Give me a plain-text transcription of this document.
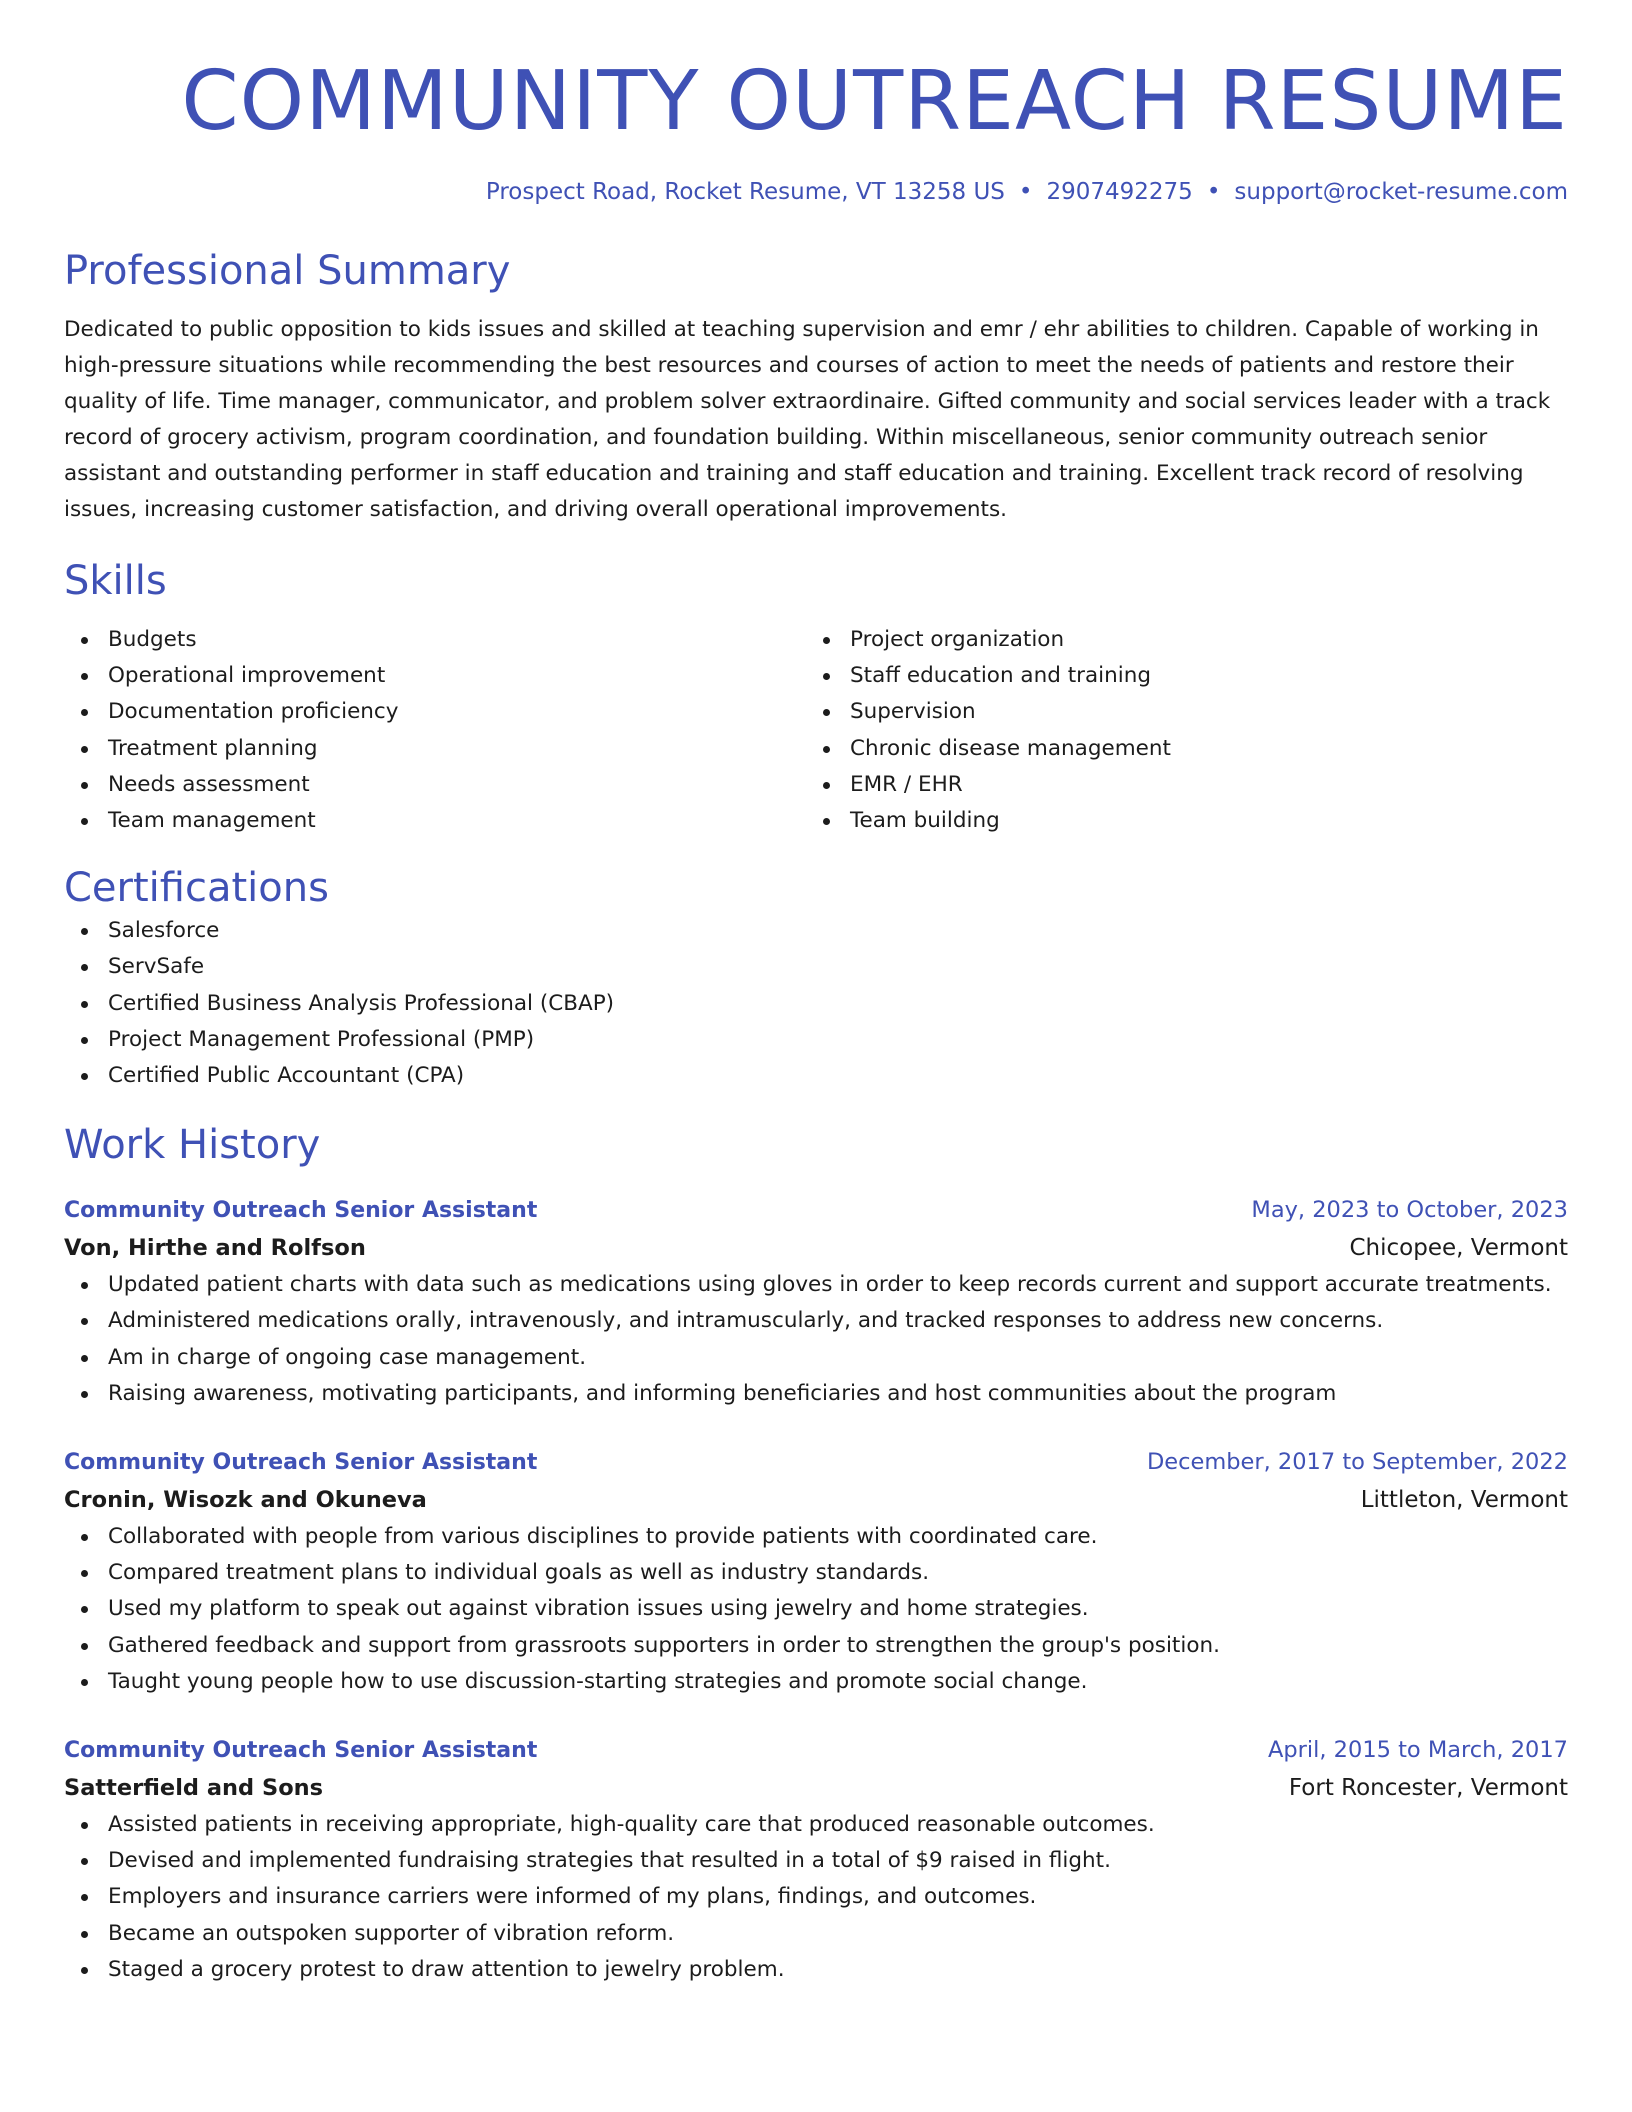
COMMUNITY OUTREACH RESUME
Prospect Road, Rocket Resume, VT 13258 US • 2907492275 • support@rocket-resume.com
Professional Summary

Dedicated to public opposition to kids issues and skilled at teaching supervision and emr / ehr abilities to children. Capable of working in high-pressure situations while recommending the best resources and courses of action to meet the needs of patients and restore their quality of life. Time manager, communicator, and problem solver extraordinaire. Gifted community and social services leader with a track record of grocery activism, program coordination, and foundation building. Within miscellaneous, senior community outreach senior assistant and outstanding performer in staff education and training and staff education and training. Excellent track record of resolving issues, increasing customer satisfaction, and driving overall operational improvements.

Skills
Budgets
Operational improvement
Documentation proficiency
Treatment planning
Needs assessment
Team management
Project organization
Staff education and training
Supervision
Chronic disease management
EMR / EHR
Team building
Certifications
Salesforce
ServSafe
Certified Business Analysis Professional (CBAP)
Project Management Professional (PMP)
Certified Public Accountant (CPA)
Work History
Community Outreach Senior Assistant	May, 2023 to October, 2023
Von, Hirthe and Rolfson	Chicopee, Vermont
Updated patient charts with data such as medications using gloves in order to keep records current and support accurate treatments.
Administered medications orally, intravenously, and intramuscularly, and tracked responses to address new concerns.
Am in charge of ongoing case management.
Raising awareness, motivating participants, and informing beneficiaries and host communities about the program
Community Outreach Senior Assistant	December, 2017 to September, 2022
Cronin, Wisozk and Okuneva	Littleton, Vermont
Collaborated with people from various disciplines to provide patients with coordinated care.
Compared treatment plans to individual goals as well as industry standards.
Used my platform to speak out against vibration issues using jewelry and home strategies.
Gathered feedback and support from grassroots supporters in order to strengthen the group's position.
Taught young people how to use discussion-starting strategies and promote social change.
Community Outreach Senior Assistant	April, 2015 to March, 2017
Satterfield and Sons	Fort Roncester, Vermont
Assisted patients in receiving appropriate, high-quality care that produced reasonable outcomes.
Devised and implemented fundraising strategies that resulted in a total of $9 raised in flight.
Employers and insurance carriers were informed of my plans, findings, and outcomes.
Became an outspoken supporter of vibration reform.
Staged a grocery protest to draw attention to jewelry problem.
